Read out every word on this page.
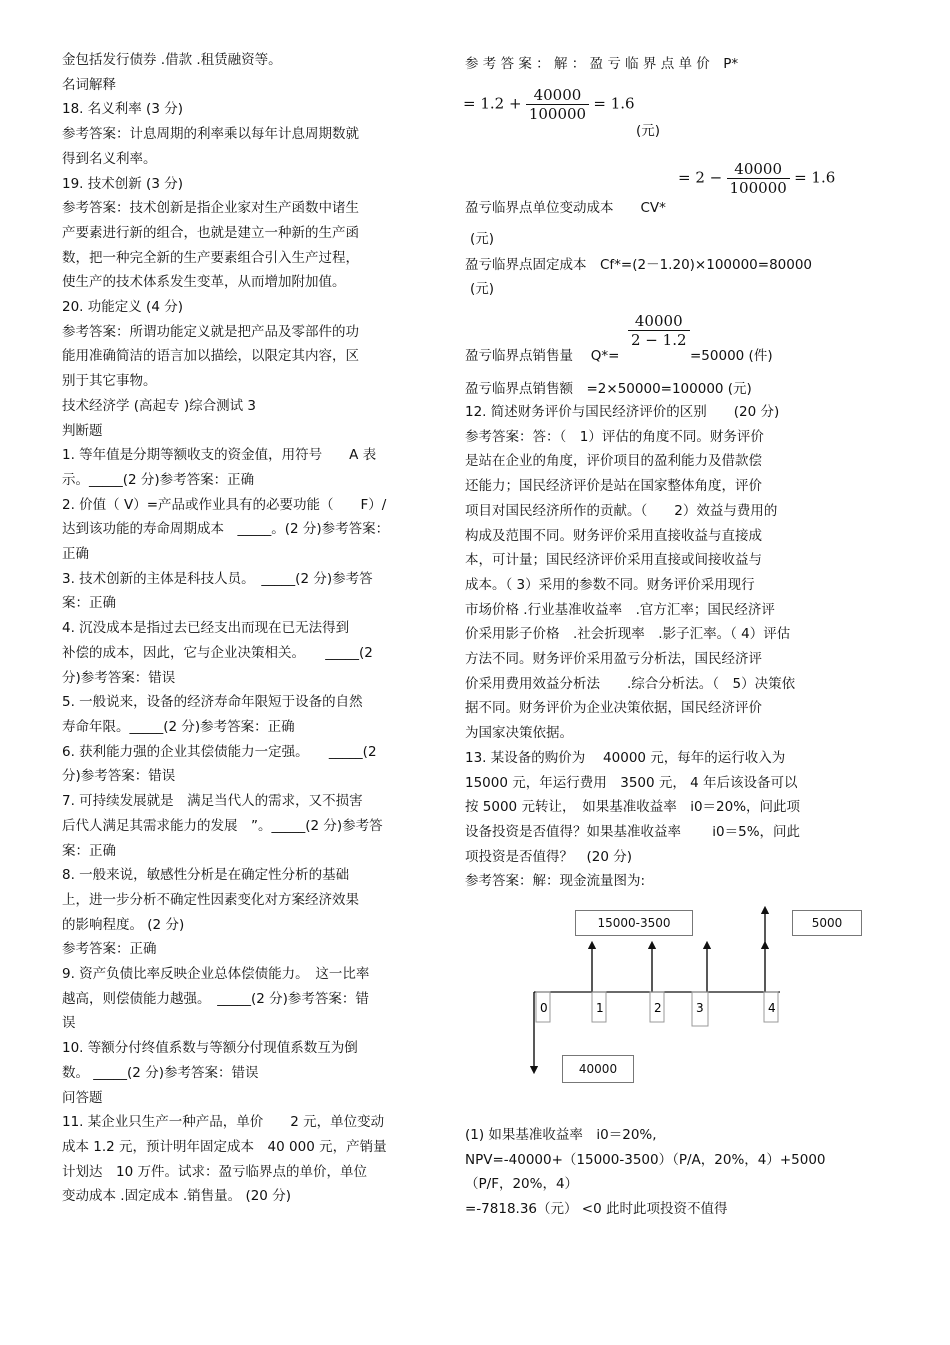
金包括发行债券 .借款 .租赁融资等。
名词解释
18. 名义利率 (3 分)
参考答案：计息周期的利率乘以每年计息周期数就
得到名义利率。
19. 技术创新 (3 分)
参考答案：技术创新是指企业家对生产函数中诸生
产要素进行新的组合，也就是建立一种新的生产函
数，把一种完全新的生产要素组合引入生产过程，
使生产的技术体系发生变革，从而增加附加值。
20. 功能定义 (4 分)
参考答案：所谓功能定义就是把产品及零部件的功
能用准确简洁的语言加以描绘，以限定其内容，区
别于其它事物。
技术经济学 (高起专 )综合测试 3
判断题
1. 等年值是分期等额收支的资金值，用符号　　A 表
示。_____(2 分)参考答案：正确
2. 价值（ V）=产品或作业具有的必要功能（　　F）/
达到该功能的寿命周期成本　_____。(2 分)参考答案：
正确
3. 技术创新的主体是科技人员。　_____(2 分)参考答
案：正确
4. 沉没成本是指过去已经支出而现在已无法得到
补偿的成本，因此，它与企业决策相关。　　_____(2
分)参考答案：错误
5. 一般说来，设备的经济寿命年限短于设备的自然
寿命年限。_____(2 分)参考答案：正确
6. 获利能力强的企业其偿债能力一定强。　　_____(2
分)参考答案：错误
7. 可持续发展就是　满足当代人的需求，又不损害
后代人满足其需求能力的发展　”。_____(2 分)参考答
案：正确
8. 一般来说，敏感性分析是在确定性分析的基础
上，进一步分析不确定性因素变化对方案经济效果
的影响程度。 (2 分)
参考答案：正确
9. 资产负债比率反映企业总体偿债能力。　这一比率
越高，则偿债能力越强。　_____(2 分)参考答案：错
误
10. 等额分付终值系数与等额分付现值系数互为倒
数。 _____(2 分)参考答案：错误
问答题
11. 某企业只生产一种产品，单价　　2 元，单位变动
成本 1.2 元，预计明年固定成本　40 000 元，产销量
计划达　10 万件。试求：盈亏临界点的单价，单位
变动成本 .固定成本 .销售量。 (20 分)
参 考 答 案 ： 解 ： 盈 亏 临 界 点 单 价　P*
= $1.2 + \frac{40000}{100000} = 1.6$
(元)
= $2 - \frac{40000}{100000} = 1.6$
盈亏临界点单位变动成本　　CV*
(元)
盈亏临界点固定成本　Cf*=(2－1.20)×100000=80000
(元)
盈亏临界点销售量　 Q*=
$\frac{40000}{2 - 1.2}$
=50000 (件)
盈亏临界点销售额　=2×50000=100000 (元)
12. 简述财务评价与国民经济评价的区别　　(20 分)
参考答案：答：（　1）评估的角度不同。财务评价
是站在企业的角度，评价项目的盈利能力及借款偿
还能力；国民经济评价是站在国家整体角度，评价
项目对国民经济所作的贡献。（　　2）效益与费用的
构成及范围不同。财务评价采用直接收益与直接成
本，可计量；国民经济评价采用直接或间接收益与
成本。（ 3）采用的参数不同。财务评价采用现行
市场价格 .行业基准收益率　.官方汇率；国民经济评
价采用影子价格　.社会折现率　.影子汇率。（ 4）评估
方法不同。财务评价采用盈亏分析法，国民经济评
价采用费用效益分析法　　.综合分析法。（　5）决策依
据不同。财务评价为企业决策依据，国民经济评价
为国家决策依据。
13. 某设备的购价为　 40000 元，每年的运行收入为
15000 元，年运行费用　3500 元， 4 年后该设备可以
按 5000 元转让，　如果基准收益率　i0＝20%，问此项
设备投资是否值得？如果基准收益率　　 i0＝5%，问此
项投资是否值得？　(20 分)
参考答案：解：现金流量图为:
0	1	2	3	4
15000-3500	5000
40000
(1) 如果基准收益率　i0＝20%,
NPV=-40000+（15000-3500）（P/A，20%，4）+5000
（P/F，20%，4）
=-7818.36（元） <0 此时此项投资不值得
